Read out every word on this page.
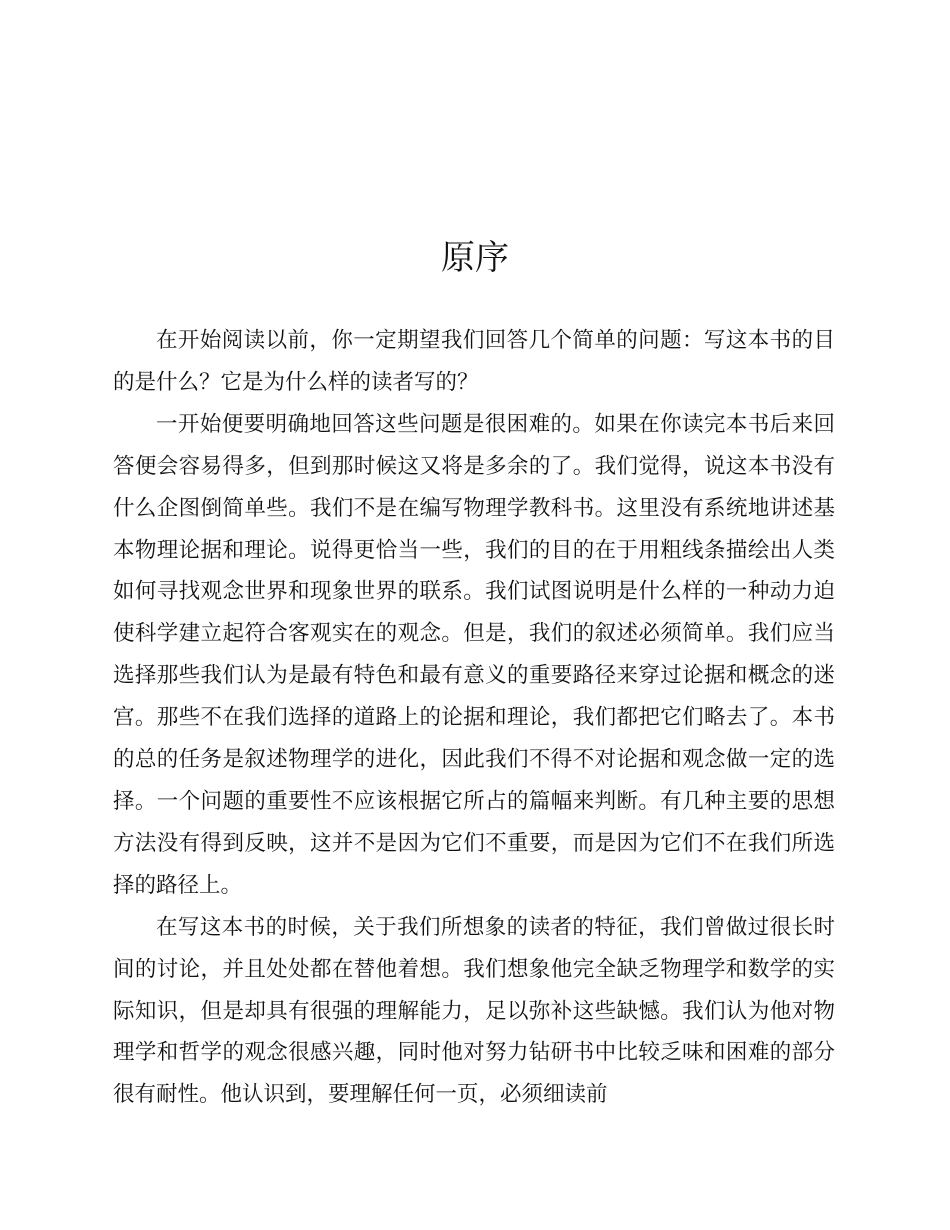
原序

在开始阅读以前，你一定期望我们回答几个简单的问题：写这本书的目的是什么？它是为什么样的读者写的？

一开始便要明确地回答这些问题是很困难的。如果在你读完本书后来回答便会容易得多，但到那时候这又将是多余的了。我们觉得，说这本书没有什么企图倒简单些。我们不是在编写物理学教科书。这里没有系统地讲述基本物理论据和理论。说得更恰当一些，我们的目的在于用粗线条描绘出人类如何寻找观念世界和现象世界的联系。我们试图说明是什么样的一种动力迫使科学建立起符合客观实在的观念。但是，我们的叙述必须简单。我们应当选择那些我们认为是最有特色和最有意义的重要路径来穿过论据和概念的迷宫。那些不在我们选择的道路上的论据和理论，我们都把它们略去了。本书的总的任务是叙述物理学的进化，因此我们不得不对论据和观念做一定的选择。一个问题的重要性不应该根据它所占的篇幅来判断。有几种主要的思想方法没有得到反映，这并不是因为它们不重要，而是因为它们不在我们所选择的路径上。

在写这本书的时候，关于我们所想象的读者的特征，我们曾做过很长时间的讨论，并且处处都在替他着想。我们想象他完全缺乏物理学和数学的实际知识，但是却具有很强的理解能力，足以弥补这些缺憾。我们认为他对物理学和哲学的观念很感兴趣，同时他对努力钻研书中比较乏味和困难的部分很有耐性。他认识到，要理解任何一页，必须细读前
